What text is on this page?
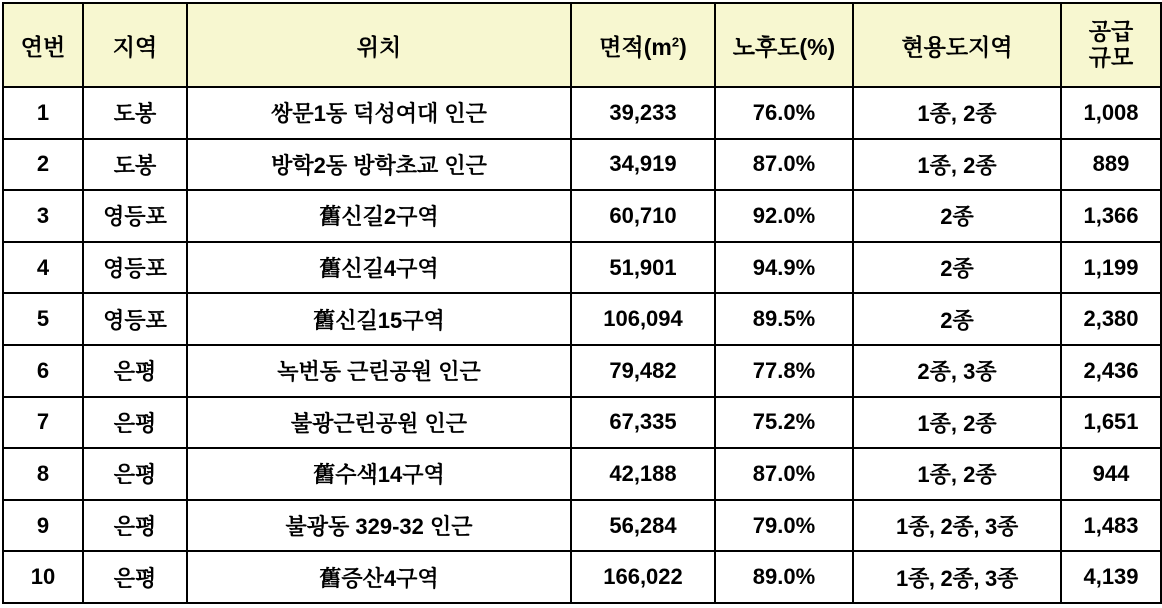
연번	지역	위치	면적$(m^2)$	노후도(%)	현용도지역	공급
규모

1	도봉	쌍문1동 덕성여대 인근	39,233	76.0%	1종, 2종	1,008
2	도봉	방학2동 방학초교 인근	34,919	87.0%	1종, 2종	889
3	영등포	舊신길2구역	60,710	92.0%	2종	1,366
4	영등포	舊신길4구역	51,901	94.9%	2종	1,199
5	영등포	舊신길15구역	106,094	89.5%	2종	2,380
6	은평	녹번동 근린공원 인근	79,482	77.8%	2종, 3종	2,436
7	은평	불광근린공원 인근	67,335	75.2%	1종, 2종	1,651
8	은평	舊수색14구역	42,188	87.0%	1종, 2종	944
9	은평	불광동 329-32 인근	56,284	79.0%	1종, 2종, 3종	1,483
10	은평	舊증산4구역	166,022	89.0%	1종, 2종, 3종	4,139
